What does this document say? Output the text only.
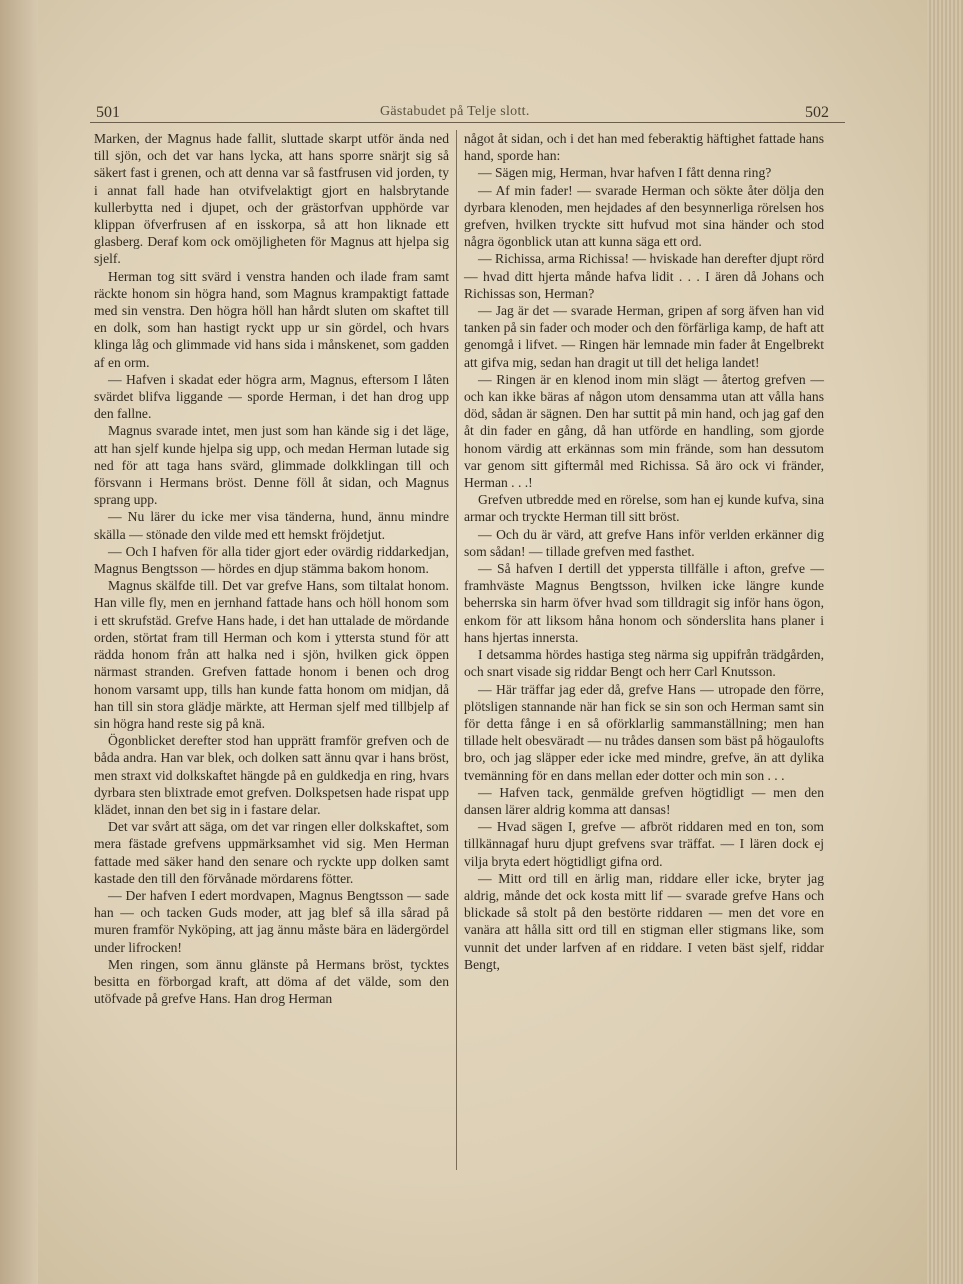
501	Gästabudet på Telje slott.	502

Marken, der Magnus hade fallit, sluttade skarpt utför ända ned till sjön, och det var hans lycka, att hans sporre snärjt sig så säkert fast i grenen, och att denna var så fastfrusen vid jorden, ty i annat fall hade han otvifvelaktigt gjort en halsbrytande kullerbytta ned i djupet, och der grästorfvan upphörde var klippan öfverfrusen af en isskorpa, så att hon liknade ett glasberg. Deraf kom ock omöjligheten för Magnus att hjelpa sig sjelf.

Herman tog sitt svärd i venstra handen och ilade fram samt räckte honom sin högra hand, som Magnus krampaktigt fattade med sin venstra. Den högra höll han hårdt sluten om skaftet till en dolk, som han hastigt ryckt upp ur sin gördel, och hvars klinga låg och glimmade vid hans sida i månskenet, som gadden af en orm.

— Hafven i skadat eder högra arm, Magnus, eftersom I låten svärdet blifva liggande — sporde Herman, i det han drog upp den fallne.

Magnus svarade intet, men just som han kände sig i det läge, att han sjelf kunde hjelpa sig upp, och medan Herman lutade sig ned för att taga hans svärd, glimmade dolkklingan till och försvann i Hermans bröst. Denne föll åt sidan, och Magnus sprang upp.

— Nu lärer du icke mer visa tänderna, hund, ännu mindre skälla — stönade den vilde med ett hemskt fröjdetjut.

— Och I hafven för alla tider gjort eder ovärdig riddarkedjan, Magnus Bengtsson — hördes en djup stämma bakom honom.

Magnus skälfde till. Det var grefve Hans, som tiltalat honom. Han ville fly, men en jernhand fattade hans och höll honom som i ett skrufstäd. Grefve Hans hade, i det han uttalade de mördande orden, störtat fram till Herman och kom i yttersta stund för att rädda honom från att halka ned i sjön, hvilken gick öppen närmast stranden. Grefven fattade honom i benen och drog honom varsamt upp, tills han kunde fatta honom om midjan, då han till sin stora glädje märkte, att Herman sjelf med tillbjelp af sin högra hand reste sig på knä.

Ögonblicket derefter stod han upprätt framför grefven och de båda andra. Han var blek, och dolken satt ännu qvar i hans bröst, men straxt vid dolkskaftet hängde på en guldkedja en ring, hvars dyrbara sten blixtrade emot grefven. Dolkspetsen hade rispat upp klädet, innan den bet sig in i fastare delar.

Det var svårt att säga, om det var ringen eller dolkskaftet, som mera fästade grefvens uppmärksamhet vid sig. Men Herman fattade med säker hand den senare och ryckte upp dolken samt kastade den till den förvånade mördarens fötter.

— Der hafven I edert mordvapen, Magnus Bengtsson — sade han — och tacken Guds moder, att jag blef så illa sårad på muren framför Nyköping, att jag ännu måste bära en lädergördel under lifrocken!

Men ringen, som ännu glänste på Hermans bröst, tycktes besitta en förborgad kraft, att döma af det välde, som den utöfvade på grefve Hans. Han drog Herman

något åt sidan, och i det han med feberaktig häftighet fattade hans hand, sporde han:

— Sägen mig, Herman, hvar hafven I fått denna ring?

— Af min fader! — svarade Herman och sökte åter dölja den dyrbara klenoden, men hejdades af den besynnerliga rörelsen hos grefven, hvilken tryckte sitt hufvud mot sina händer och stod några ögonblick utan att kunna säga ett ord.

— Richissa, arma Richissa! — hviskade han derefter djupt rörd — hvad ditt hjerta månde hafva lidit . . . I ären då Johans och Richissas son, Herman?

— Jag är det — svarade Herman, gripen af sorg äfven han vid tanken på sin fader och moder och den förfärliga kamp, de haft att genomgå i lifvet. — Ringen här lemnade min fader åt Engelbrekt att gifva mig, sedan han dragit ut till det heliga landet!

— Ringen är en klenod inom min slägt — återtog grefven — och kan ikke bäras af någon utom densamma utan att vålla hans död, sådan är sägnen. Den har suttit på min hand, och jag gaf den åt din fader en gång, då han utförde en handling, som gjorde honom värdig att erkännas som min frände, som han dessutom var genom sitt giftermål med Richissa. Så äro ock vi fränder, Herman . . .!

Grefven utbredde med en rörelse, som han ej kunde kufva, sina armar och tryckte Herman till sitt bröst.

— Och du är värd, att grefve Hans inför verlden erkänner dig som sådan! — tillade grefven med fasthet.

— Så hafven I dertill det yppersta tillfälle i afton, grefve — framhväste Magnus Bengtsson, hvilken icke längre kunde beherrska sin harm öfver hvad som tilldragit sig inför hans ögon, enkom för att liksom håna honom och sönderslita hans planer i hans hjertas innersta.

I detsamma hördes hastiga steg närma sig uppifrån trädgården, och snart visade sig riddar Bengt och herr Carl Knutsson.

— Här träffar jag eder då, grefve Hans — utropade den förre, plötsligen stannande när han fick se sin son och Herman samt sin för detta fånge i en så oförklarlig sammanställning; men han tillade helt obesväradt — nu trådes dansen som bäst på högaulofts bro, och jag släpper eder icke med mindre, grefve, än att dylika tvemänning för en dans mellan eder dotter och min son . . .

— Hafven tack, genmälde grefven högtidligt — men den dansen lärer aldrig komma att dansas!

— Hvad sägen I, grefve — afbröt riddaren med en ton, som tillkännagaf huru djupt grefvens svar träffat. — I lären dock ej vilja bryta edert högtidligt gifna ord.

— Mitt ord till en ärlig man, riddare eller icke, bryter jag aldrig, månde det ock kosta mitt lif — svarade grefve Hans och blickade så stolt på den bestörte riddaren — men det vore en vanära att hålla sitt ord till en stigman eller stigmans like, som vunnit det under larfven af en riddare. I veten bäst sjelf, riddar Bengt,
